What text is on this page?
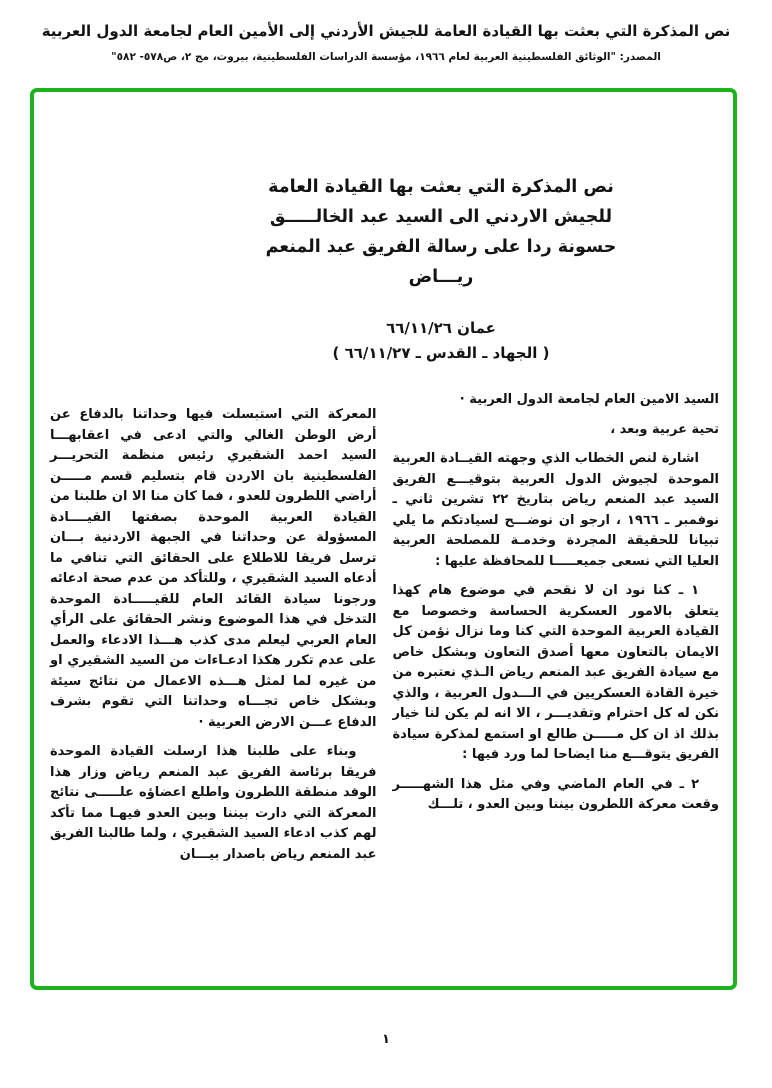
نص المذكرة التي بعثت بها القيادة العامة للجيش الأردني إلى الأمين العام لجامعة الدول العربية
المصدر: "الوثائق الفلسطينية العربية لعام ١٩٦٦، مؤسسة الدراسات الفلسطينية، بيروت، مج ٢، ص٥٧٨- ٥٨٢"
نص المذكرة التي بعثت بها القيادة العامة
للجيش الاردني الى السيد عبد الخالـــــق
حسونة ردا على رسالة الفريق عبد المنعم
ريـــاض
عمان ٦٦/١١/٢٦
( الجهاد ـ القدس ـ ٦٦/١١/٢٧ )

السيد الامين العام لجامعة الدول العربية ·

تحية عربية وبعد ،

اشارة لنص الخطاب الذي وجهته القيــادة العربية الموحدة لجيوش الدول العربية بتوقيـــع الفريق السيد عبد المنعم رياض بتاريخ ٢٢ تشرين ثاني ـ نوفمبر ـ ١٩٦٦ ، ارجو ان نوضـــح لسيادتكم ما يلي تبيانا للحقيقة المجردة وخدمـة للمصلحة العربية العليا التي نسعى جميعـــــا للمحافظة عليها :

١ ـ كنا نود ان لا نقحم في موضوع هام كهذا يتعلق بالامور العسكرية الحساسة وخصوصا مع القيادة العربية الموحدة التي كنا وما نزال نؤمن كل الايمان بالتعاون معها أصدق التعاون وبشكل خاص مع سيادة الفريق عبد المنعم رياض الـذي نعتبره من خيرة القادة العسكريين في الـــدول العربية ، والذي نكن له كل احترام وتقديـــر ، الا انه لم يكن لنا خيار بذلك اذ ان كل مـــــن طالع او استمع لمذكرة سيادة الفريق يتوقـــع منا ايضاحا لما ورد فيها :

٢ ـ في العام الماضي وفي مثل هذا الشهـــــر وقعت معركة اللطرون بيننا وبين العدو ، تلـــك

المعركة التي استبسلت فيها وحداتنا بالدفاع عن أرض الوطن الغالي والتي ادعى في اعقابهـــا السيد احمد الشقيري رئيس منظمة التحريـــر الفلسطينية بان الاردن قام بتسليم قسم مـــــن أراضي اللطرون للعدو ، فما كان منا الا ان طلبنا من القيادة العربية الموحدة بصفتها القيــــادة المسؤولة عن وحداتنا في الجبهة الاردنية بـــان ترسل فريقا للاطلاع على الحقائق التي تنافي ما أدعاه السيد الشقيري ، وللتأكد من عدم صحة ادعائه ورجونا سيادة القائد العام للقيـــــادة الموحدة التدخل في هذا الموضوع ونشر الحقائق على الرأي العام العربي ليعلم مدى كذب هـــذا الادعاء والعمل على عدم تكرر هكذا ادعـاءات من السيد الشقيري او من غيره لما لمثل هـــذه الاعمال من نتائج سيئة وبشكل خاص تجـــاه وحداتنا التي تقوم بشرف الدفاع عـــن الارض العربية ·

وبناء على طلبنا هذا ارسلت القيادة الموحدة فريقا برئاسة الفريق عبد المنعم رياض وزار هذا الوفد منطقة اللطرون واطلع اعضاؤه علـــــى نتائج المعركة التي دارت بيننا وبين العدو فيهـا مما تأكد لهم كذب ادعاء السيد الشقيري ، ولما طالبنا الفريق عبد المنعم رياض باصدار بيـــان

١
